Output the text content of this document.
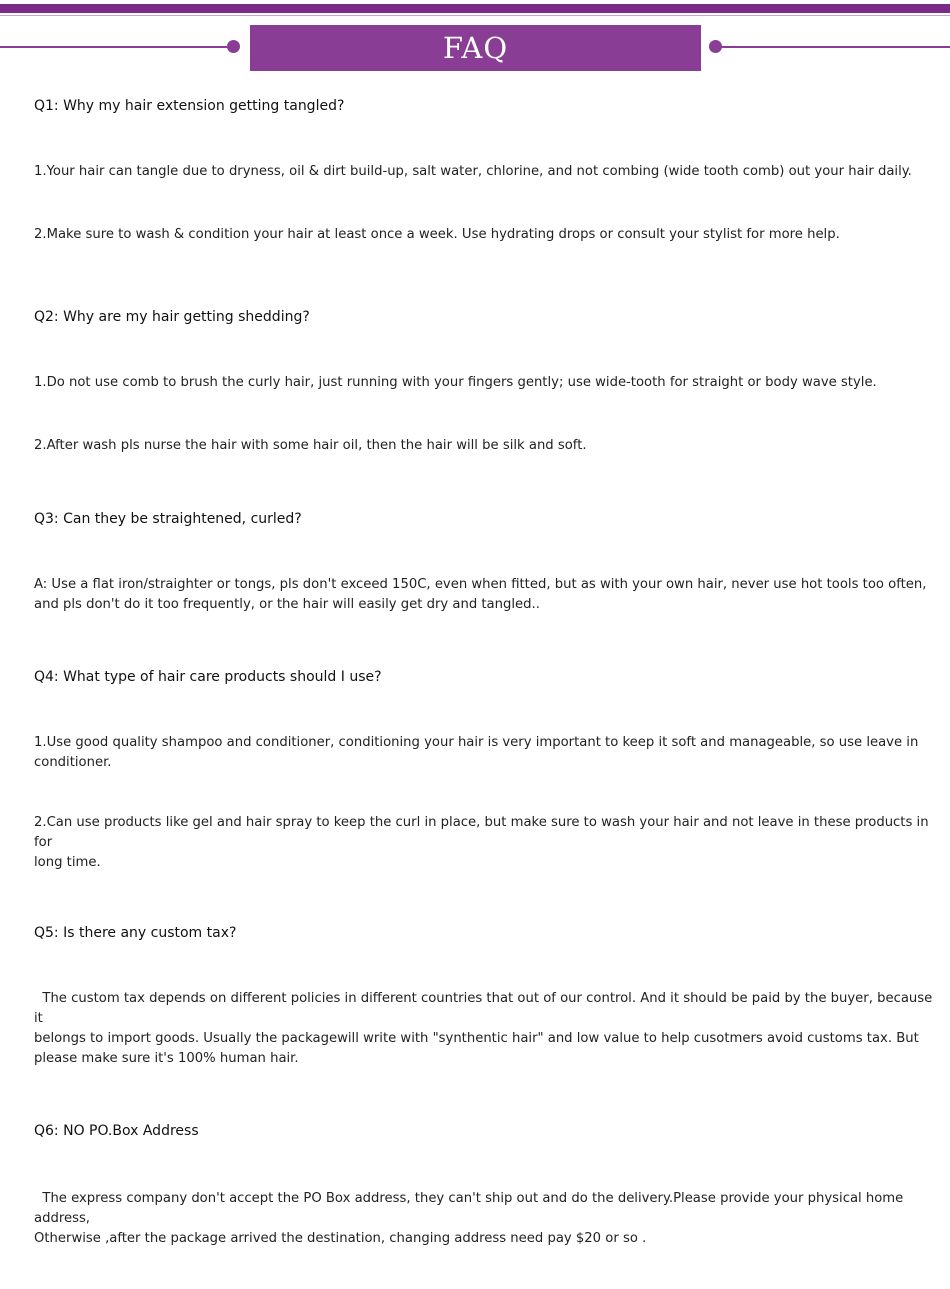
FAQ

Q1: Why my hair extension getting tangled?

1.Your hair can tangle due to dryness, oil & dirt build-up, salt water, chlorine, and not combing (wide tooth comb) out your hair daily.

2.Make sure to wash & condition your hair at least once a week. Use hydrating drops or consult your stylist for more help.

Q2: Why are my hair getting shedding?

1.Do not use comb to brush the curly hair, just running with your fingers gently; use wide-tooth for straight or body wave style.

2.After wash pls nurse the hair with some hair oil, then the hair will be silk and soft.

Q3: Can they be straightened, curled?

A: Use a flat iron/straighter or tongs, pls don't exceed 150C, even when fitted, but as with your own hair, never use hot tools too often,
and pls don't do it too frequently, or the hair will easily get dry and tangled..

Q4: What type of hair care products should I use?

1.Use good quality shampoo and conditioner, conditioning your hair is very important to keep it soft and manageable, so use leave in
conditioner.

2.Can use products like gel and hair spray to keep the curl in place, but make sure to wash your hair and not leave in these products in for
long time.

Q5: Is there any custom tax?

The custom tax depends on different policies in different countries that out of our control. And it should be paid by the buyer, because it
belongs to import goods. Usually the packagewill write with "synthentic hair" and low value to help cusotmers avoid customs tax. But
please make sure it's 100% human hair.

Q6: NO PO.Box Address

The express company don't accept the PO Box address, they can't ship out and do the delivery.Please provide your physical home address,
Otherwise ,after the package arrived the destination, changing address need pay $20 or so .
